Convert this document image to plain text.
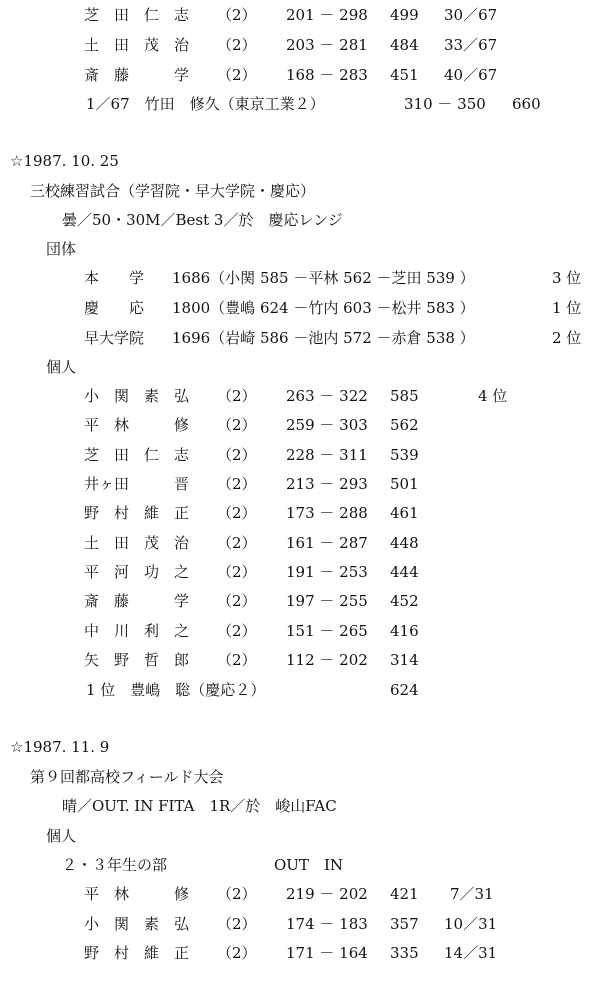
芝　田　仁　志 （2） 201 － 298 499 30／67
土　田　茂　治 （2） 203 － 281 484 33／67
斎　藤　　　学 （2） 168 － 283 451 40／67
1／67　竹田　修久（東京工業２）	310 － 350 660
☆1987. 10. 25
三校練習試合（学習院・早大学院・慶応）
曇／50・30M／Best 3／於　慶応レンジ
団体
本　　学 1686（小関 585 －平林 562 －芝田 539 ）	3 位
慶　　応 1800（豊嶋 624 －竹内 603 －松井 583 ）	1 位
早大学院 1696（岩崎 586 －池内 572 －赤倉 538 ）	2 位
個人
小　関　素　弘 （2） 263 － 322 585	4 位
平　林　　　修 （2） 259 － 303 562
芝　田　仁　志 （2） 228 － 311 539
井ヶ田　　　晋 （2） 213 － 293 501
野　村　維　正 （2） 173 － 288 461
土　田　茂　治 （2） 161 － 287 448
平　河　功　之 （2） 191 － 253 444
斎　藤　　　学 （2） 197 － 255 452
中　川　利　之 （2） 151 － 265 416
矢　野　哲　郎 （2） 112 － 202 314
1 位　豊嶋　聡（慶応２）	624
☆1987. 11. 9
第９回都高校フィールド大会
晴／OUT. IN FITA　1R／於　峻山FAC
個人
２・３年生の部	OUT　IN
平　林　　　修 （2） 219 － 202 421 7／31
小　関　素　弘 （2） 174 － 183 357 10／31
野　村　維　正 （2） 171 － 164 335 14／31
